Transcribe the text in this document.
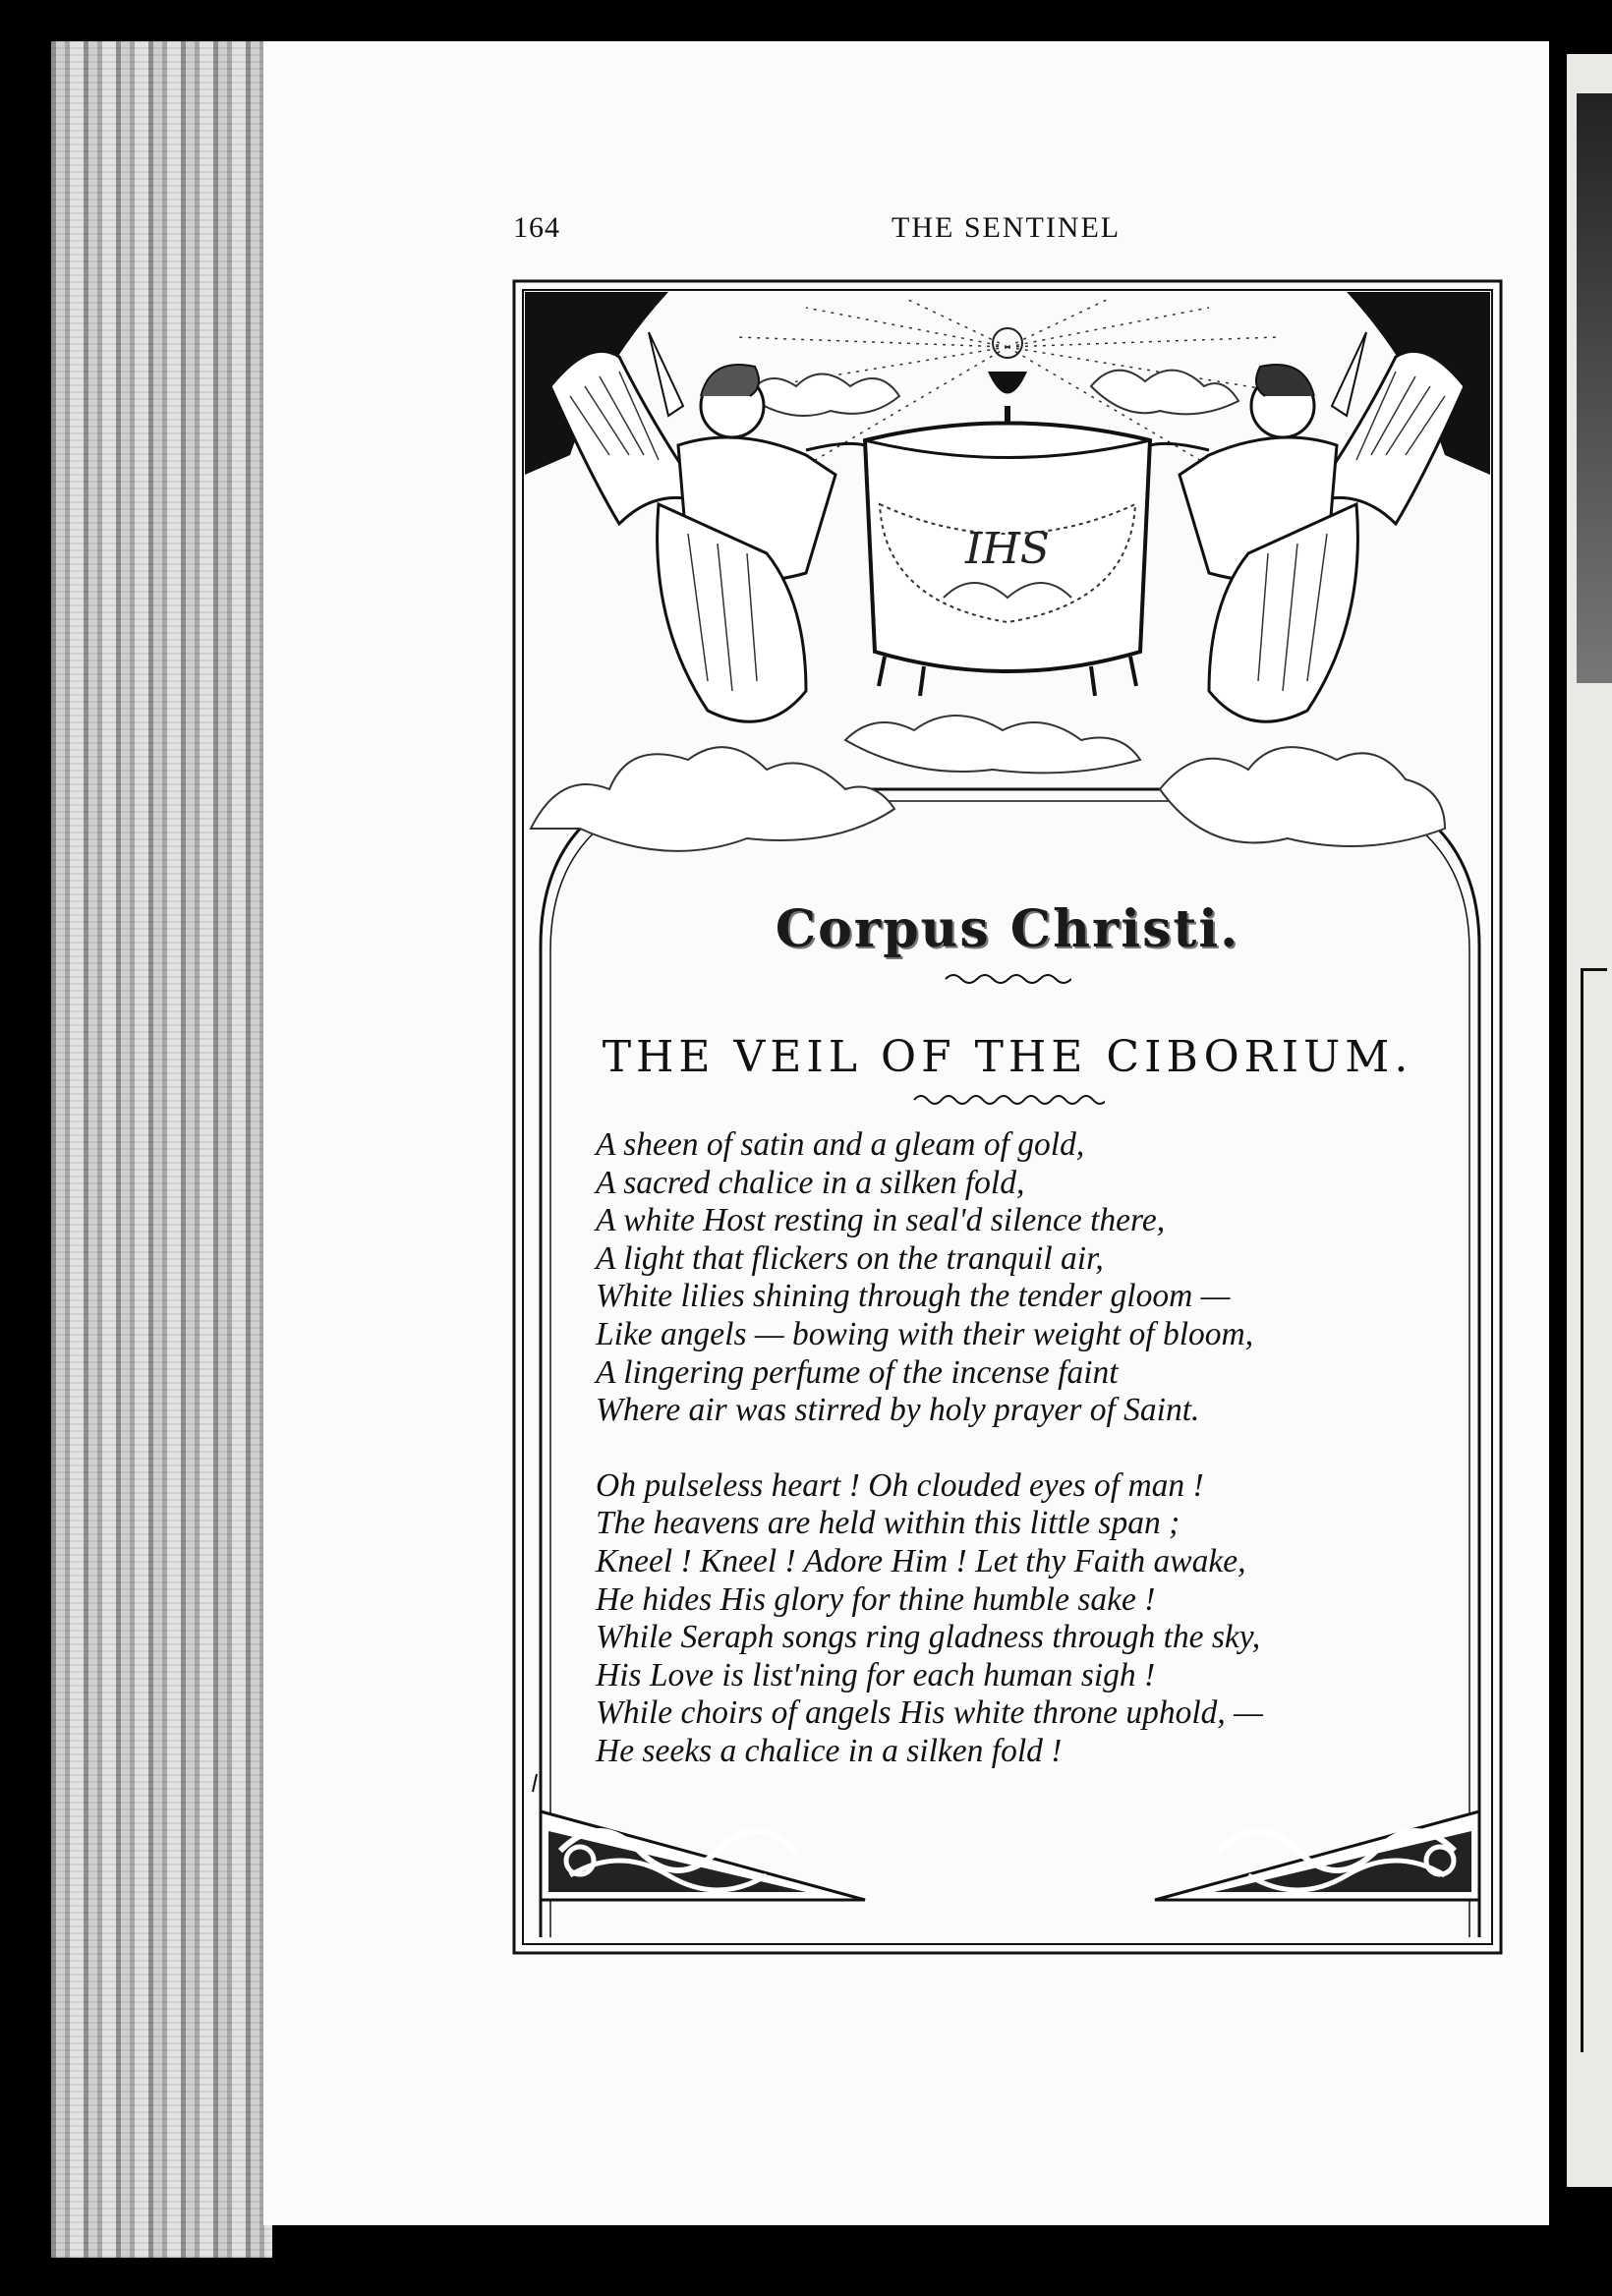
164	THE SENTINEL
IHS
Corpus Christi.
THE VEIL OF THE CIBORIUM.
A sheen of satin and a gleam of gold,
A sacred chalice in a silken fold,
A white Host resting in seal'd silence there,
A light that flickers on the tranquil air,
White lilies shining through the tender gloom —
Like angels — bowing with their weight of bloom,
A lingering perfume of the incense faint
Where air was stirred by holy prayer of Saint.
Oh pulseless heart ! Oh clouded eyes of man !
The heavens are held within this little span ;
Kneel ! Kneel ! Adore Him ! Let thy Faith awake,
He hides His glory for thine humble sake !
While Seraph songs ring gladness through the sky,
His Love is list'ning for each human sigh !
While choirs of angels His white throne uphold, —
He seeks a chalice in a silken fold !
